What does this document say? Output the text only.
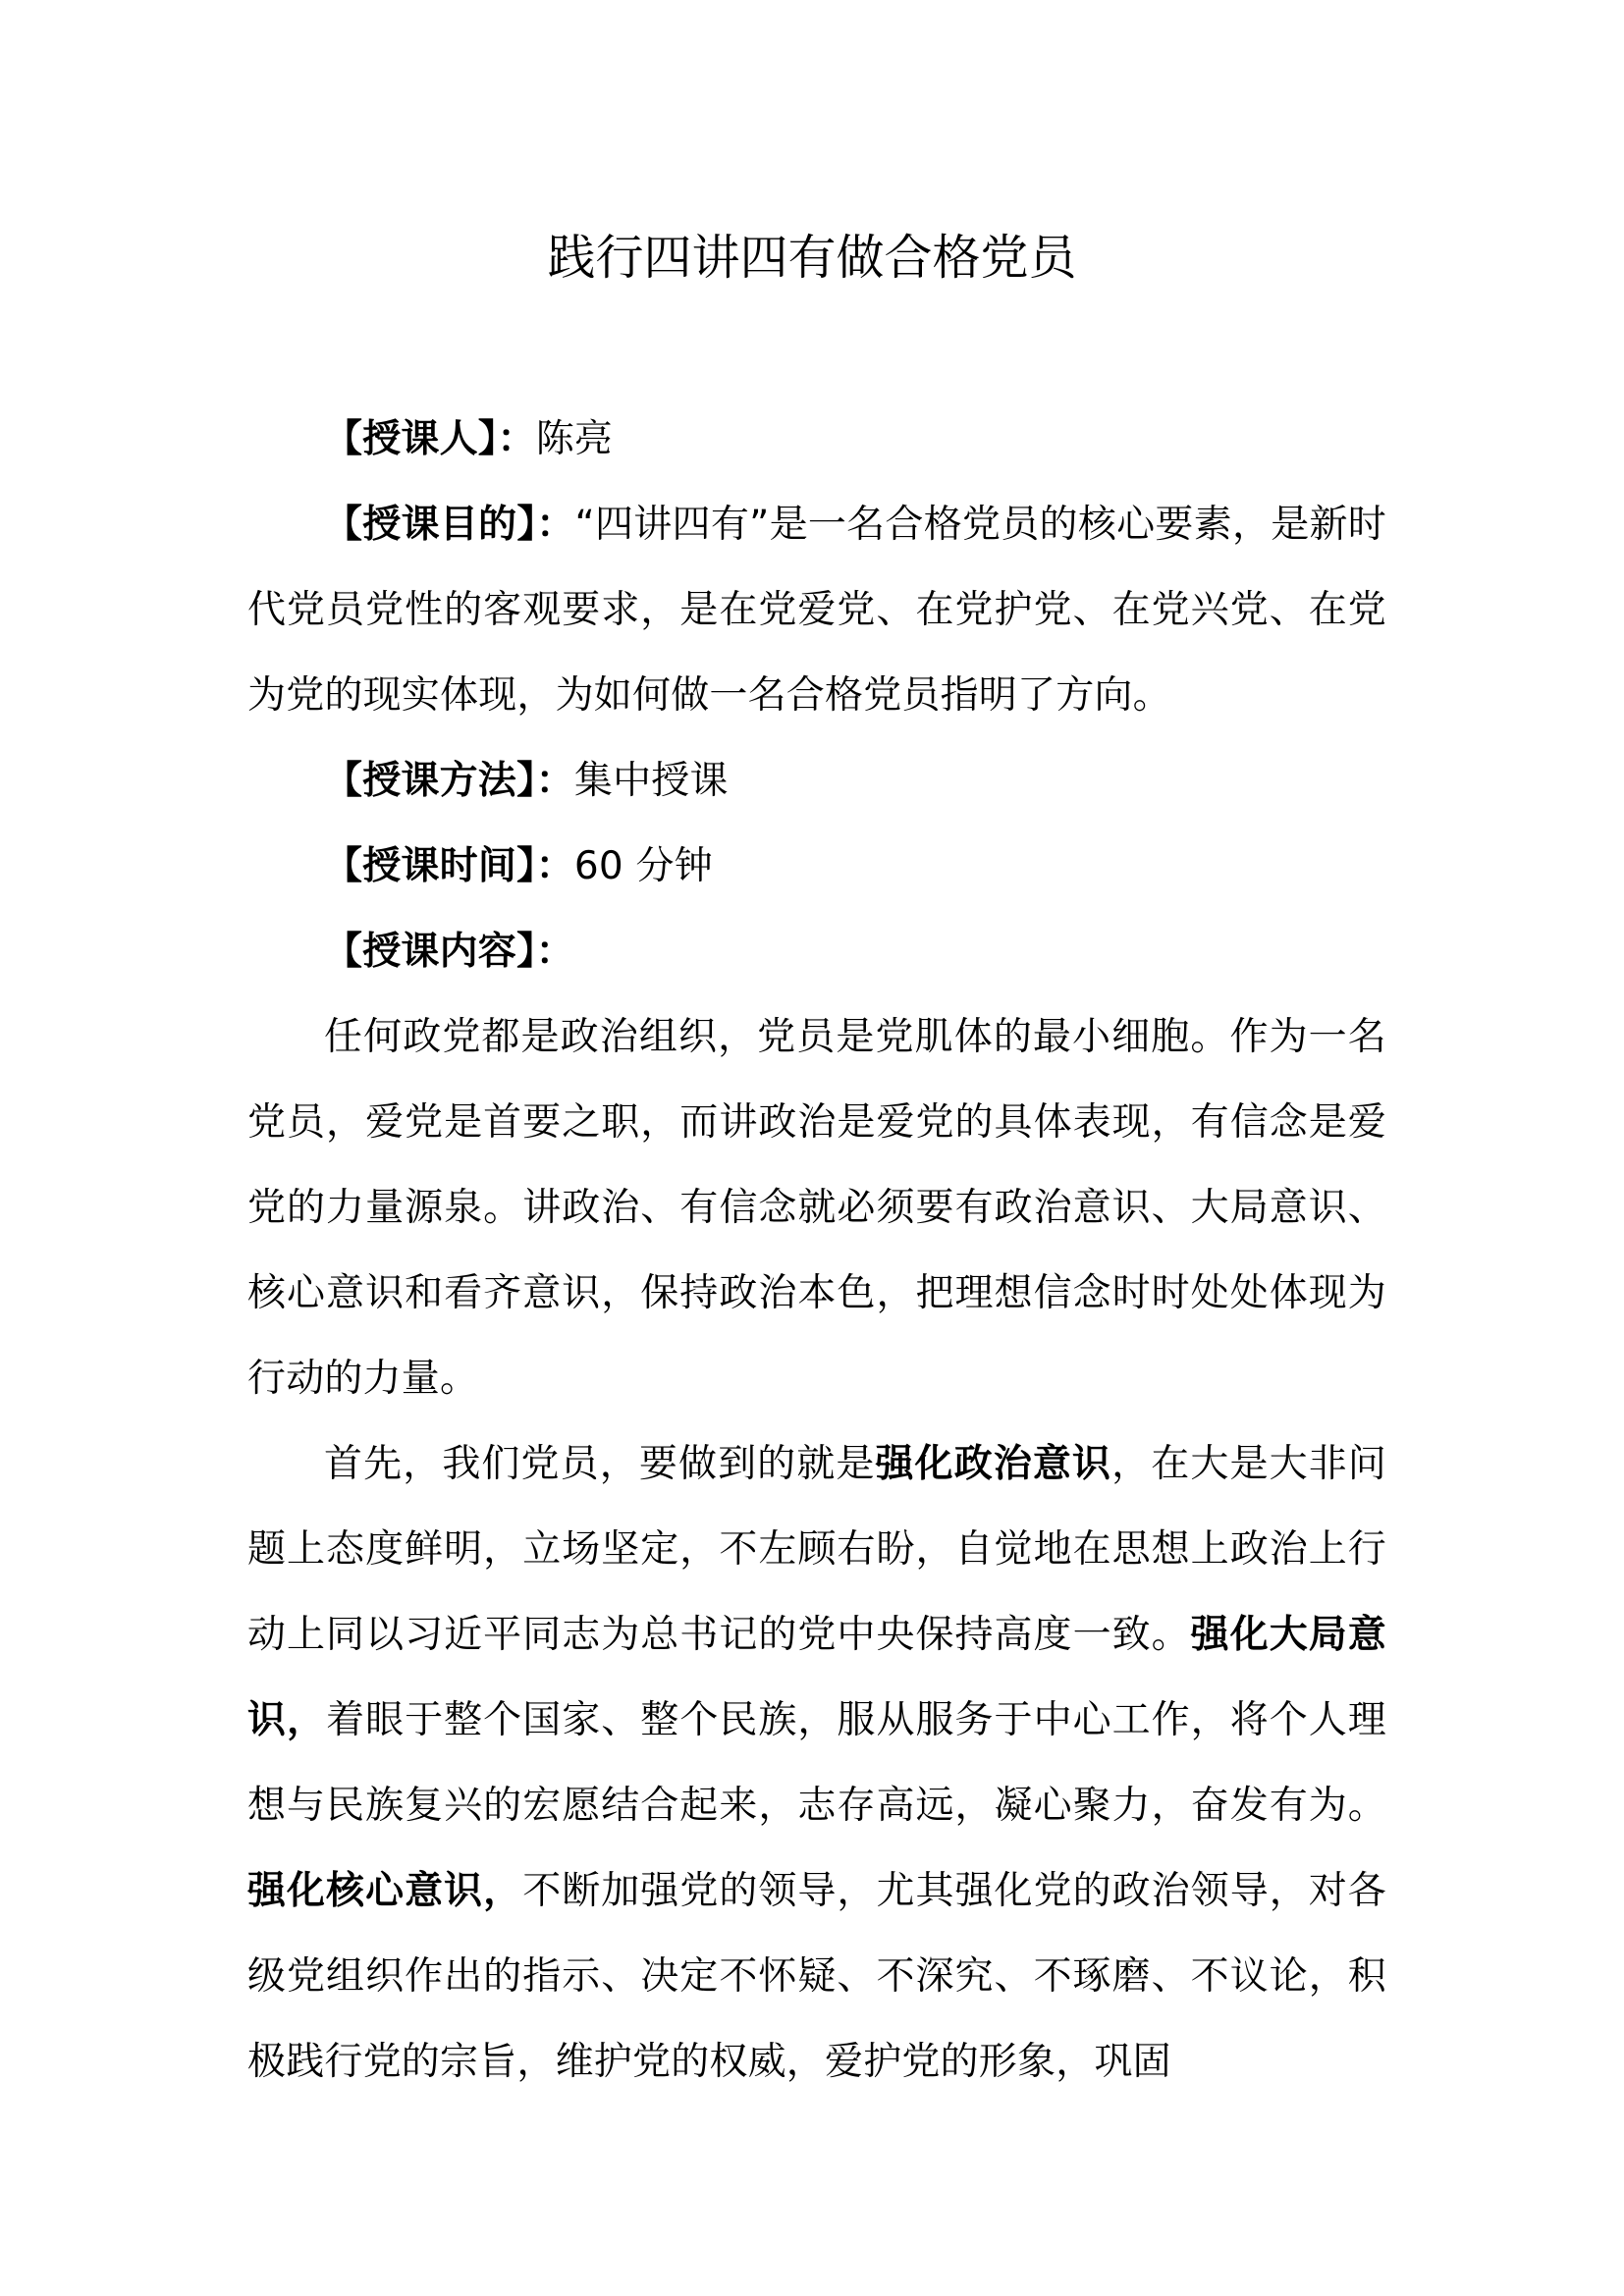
践行四讲四有做合格党员

【授课人】：陈亮

【授课目的】：“四讲四有”是一名合格党员的核心要素，是新时代党员党性的客观要求，是在党爱党、在党护党、在党兴党、在党为党的现实体现，为如何做一名合格党员指明了方向。

【授课方法】：集中授课

【授课时间】：60 分钟

【授课内容】：

任何政党都是政治组织，党员是党肌体的最小细胞。作为一名党员，爱党是首要之职，而讲政治是爱党的具体表现，有信念是爱党的力量源泉。讲政治、有信念就必须要有政治意识、大局意识、核心意识和看齐意识，保持政治本色，把理想信念时时处处体现为行动的力量。

首先，我们党员，要做到的就是强化政治意识，在大是大非问题上态度鲜明，立场坚定，不左顾右盼，自觉地在思想上政治上行动上同以习近平同志为总书记的党中央保持高度一致。强化大局意识，着眼于整个国家、整个民族，服从服务于中心工作，将个人理想与民族复兴的宏愿结合起来，志存高远，凝心聚力，奋发有为。强化核心意识，不断加强党的领导，尤其强化党的政治领导，对各级党组织作出的指示、决定不怀疑、不深究、不琢磨、不议论，积极践行党的宗旨，维护党的权威，爱护党的形象，巩固
